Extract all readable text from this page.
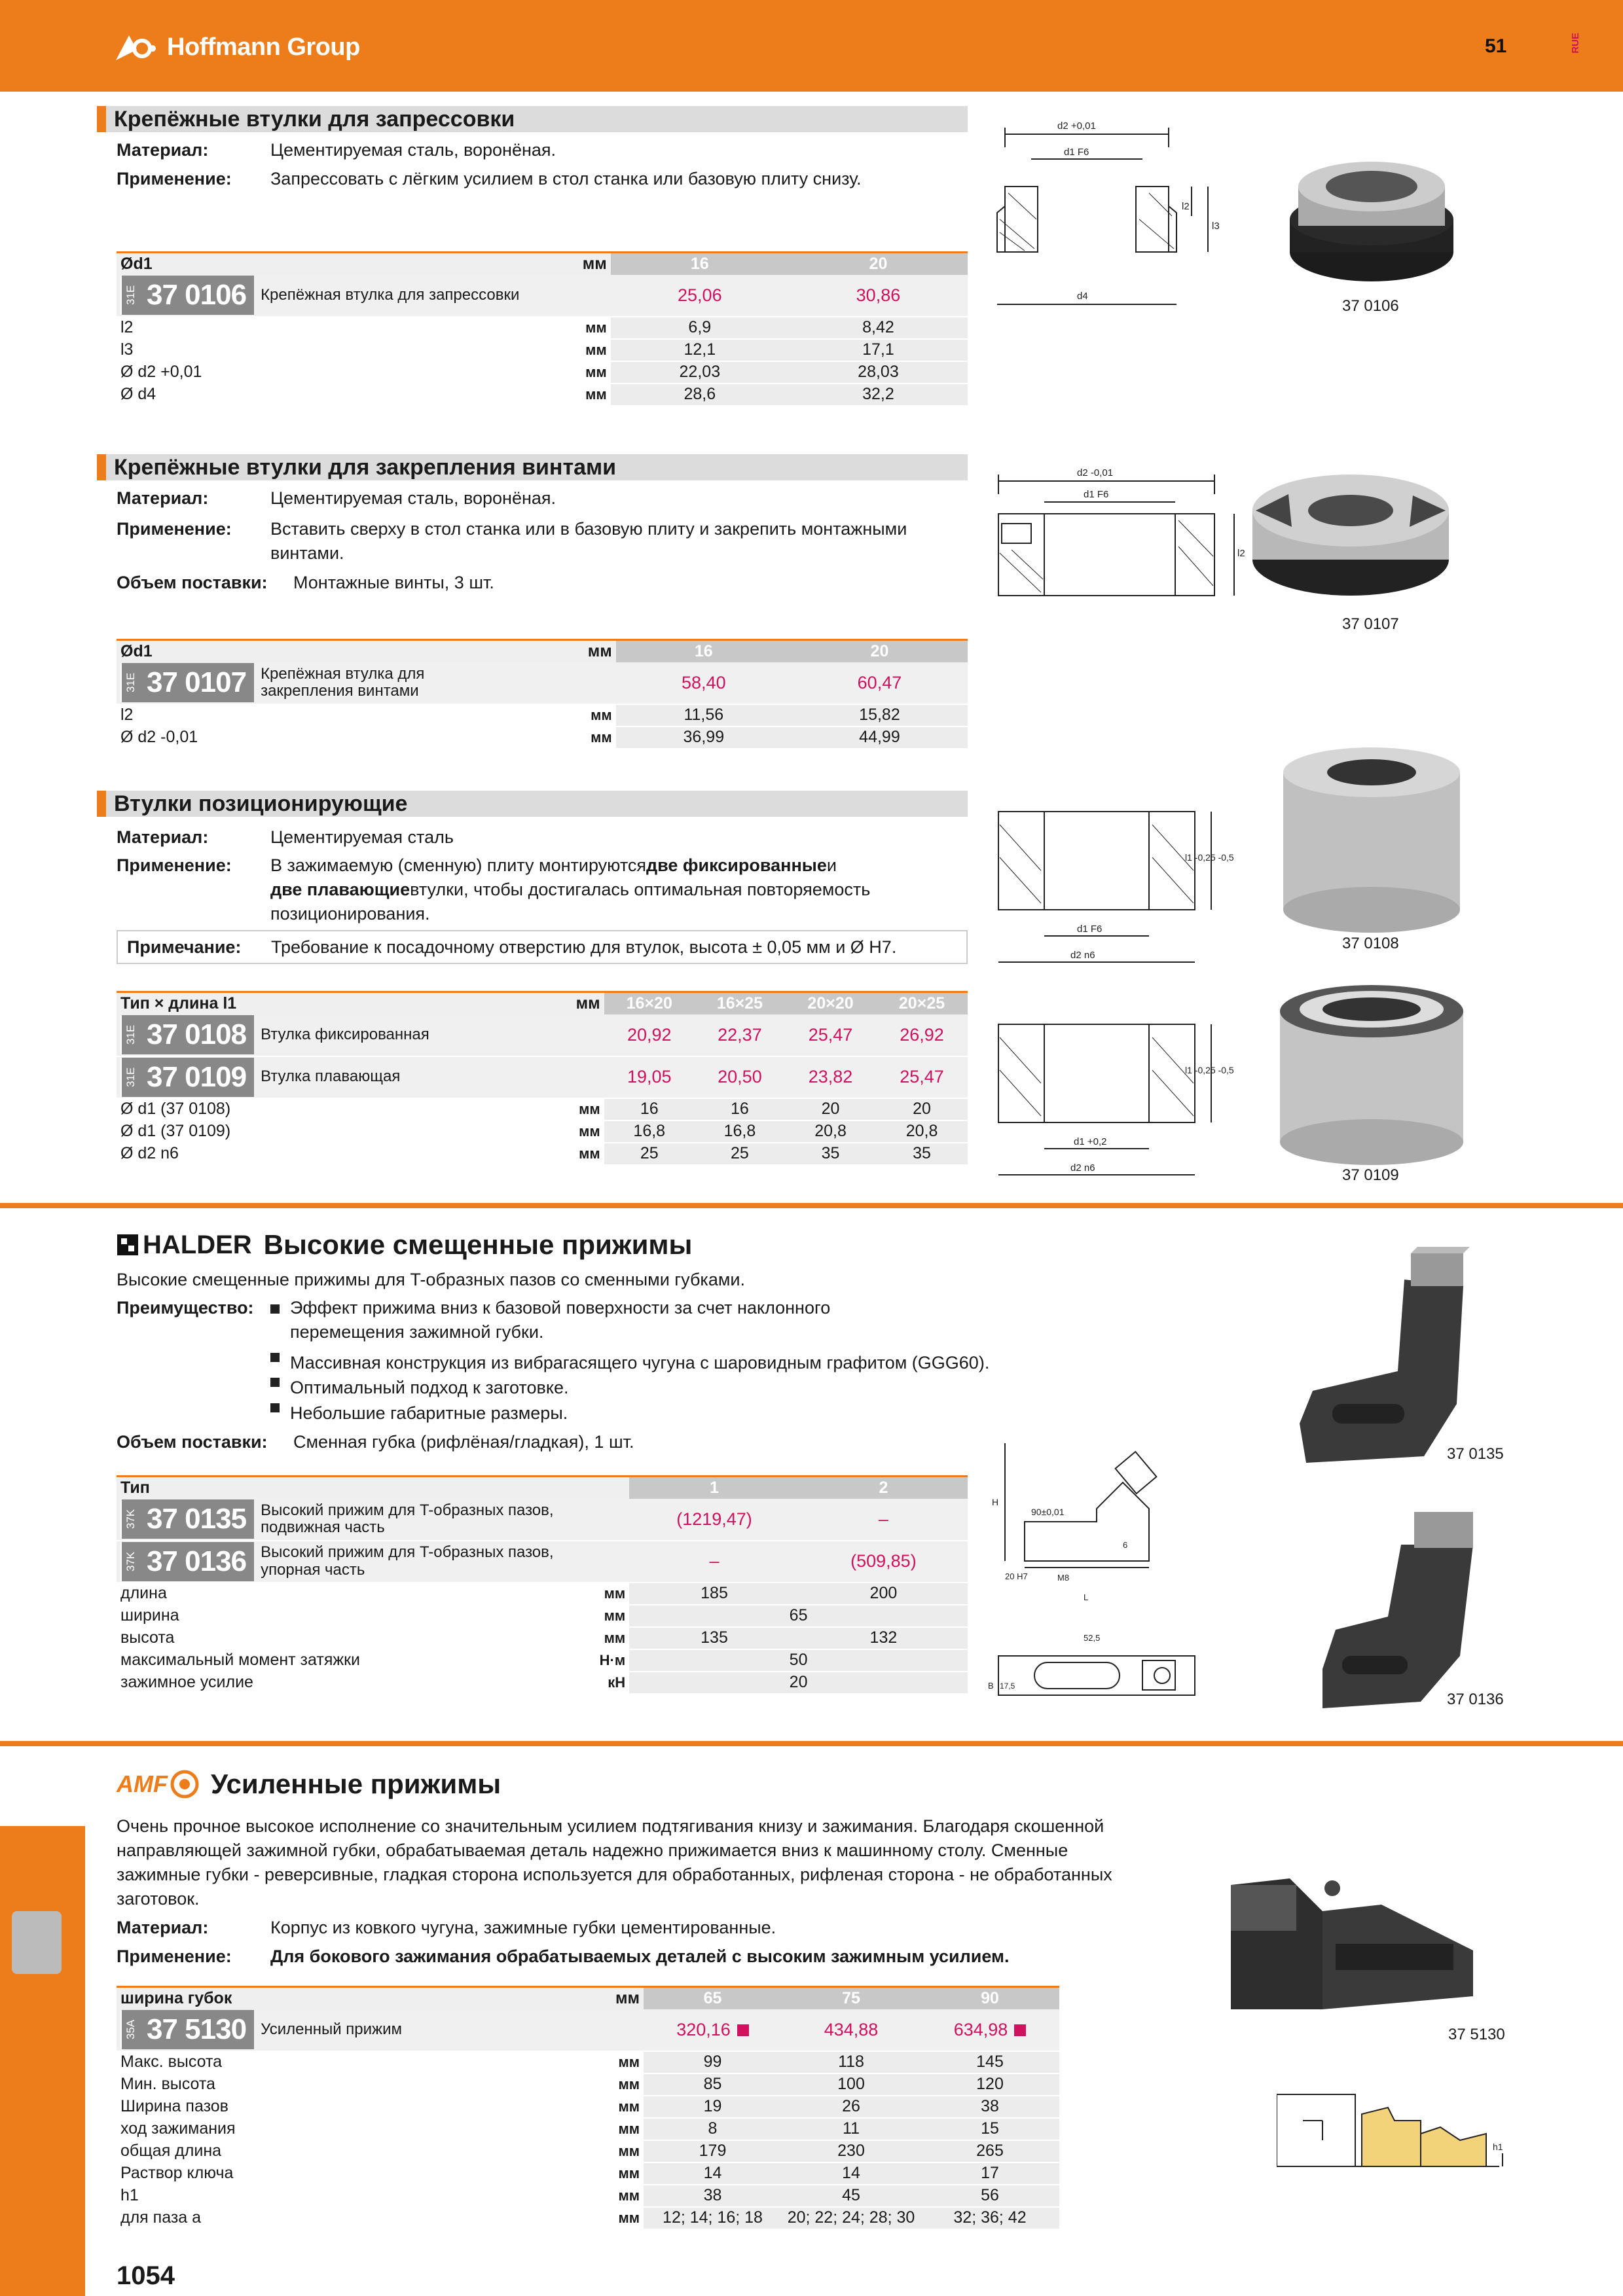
Hoffmann Group	51	RUE
Крепёжные втулки для запрессовки
Материал:	Цементируемая сталь, воронёная.
Применение:	Запрессовать с лёгким усилием в стол станка или базовую плиту снизу.
Ød1	мм	16	20

31E 37 0106 Крепёжная втулка для запрессовки		25,06	30,86
l2	мм	6,9	8,42
l3	мм	12,1	17,1
Ø d2 +0,01	мм	22,03	28,03
Ø d4	мм	28,6	32,2
d2 +0,01
d1 F6
l2
l3
d4
37 0106
Крепёжные втулки для закрепления винтами
Материал:	Цементируемая сталь, воронёная.
Применение:	Вставить сверху в стол станка или в базовую плиту и закрепить монтажными
винтами.
Объем поставки:	Монтажные винты, 3 шт.
Ød1	мм	16	20

31E 37 0107 Крепёжная втулка для закрепления винтами		58,40	60,47
l2	мм	11,56	15,82
Ø d2 -0,01	мм	36,99	44,99
d2 -0,01
d1 F6
l2
37 0107
Втулки позиционирующие
Материал:	Цементируемая сталь
Применение:	В зажимаемую (сменную) плиту монтируются две фиксированные и
две плавающие втулки, чтобы достигалась оптимальная повторяемость
позиционирования.
Примечание:	Требование к посадочному отверстию для втулок, высота ± 0,05 мм и Ø H7.
Тип × длина l1	мм	16×20	16×25	20×20	20×25

31E 37 0108 Втулка фиксированная		20,92	22,37	25,47	26,92

31E 37 0109 Втулка плавающая		19,05	20,50	23,82	25,47
Ø d1 (37 0108)	мм	16	16	20	20
Ø d1 (37 0109)	мм	16,8	16,8	20,8	20,8
Ø d2 n6	мм	25	25	35	35
d1 F6
d2 n6
l1 -0,25 -0,5
37 0108
d1 +0,2
d2 n6
l1 -0,25 -0,5
37 0109
HALDER Высокие смещенные прижимы
Высокие смещенные прижимы для T-образных пазов со сменными губками.
Преимущество:	Эффект прижима вниз к базовой поверхности за счет наклонного
перемещения зажимной губки.
Массивная конструкция из вибрагасящего чугуна с шаровидным графитом (GGG60).
Оптимальный подход к заготовке.
Небольшие габаритные размеры.
Объем поставки:	Сменная губка (рифлёная/гладкая), 1 шт.
Тип		1	2

37K 37 0135 Высокий прижим для T-образных пазов, подвижная часть		(1219,47)	–

37K 37 0136 Высокий прижим для T-образных пазов, упорная часть		–	(509,85)
длина	мм	185	200
ширина	мм	65	
высота	мм	135	132
максимальный момент затяжки	Н·м	50	
зажимное усилие	кН	20	
H
90±0,01
20 H7	M8
L
52,5
B 17,5
6
37 0135
37 0136
AMF Усиленные прижимы
Очень прочное высокое исполнение со значительным усилием подтягивания книзу и зажимания. Благодаря скошенной
направляющей зажимной губки, обрабатываемая деталь надежно прижимается вниз к машинному столу. Сменные
зажимные губки - реверсивные, гладкая сторона используется для обработанных, рифленая сторона - не обработанных
заготовок.
Материал:	Корпус из ковкого чугуна, зажимные губки цементированные.
Применение:	Для бокового зажимания обрабатываемых деталей с высоким зажимным усилием.
ширина губок	мм	65	75	90

35A 37 5130 Усиленный прижим		320,16	434,88	634,98
Макс. высота	мм	99	118	145
Мин. высота	мм	85	100	120
Ширина пазов	мм	19	26	38
ход зажимания	мм	8	11	15
общая длина	мм	179	230	265
Раствор ключа	мм	14	14	17
h1	мм	38	45	56
для паза а	мм	12; 14; 16; 18	20; 22; 24; 28; 30	32; 36; 42
37 5130
h1
1054
